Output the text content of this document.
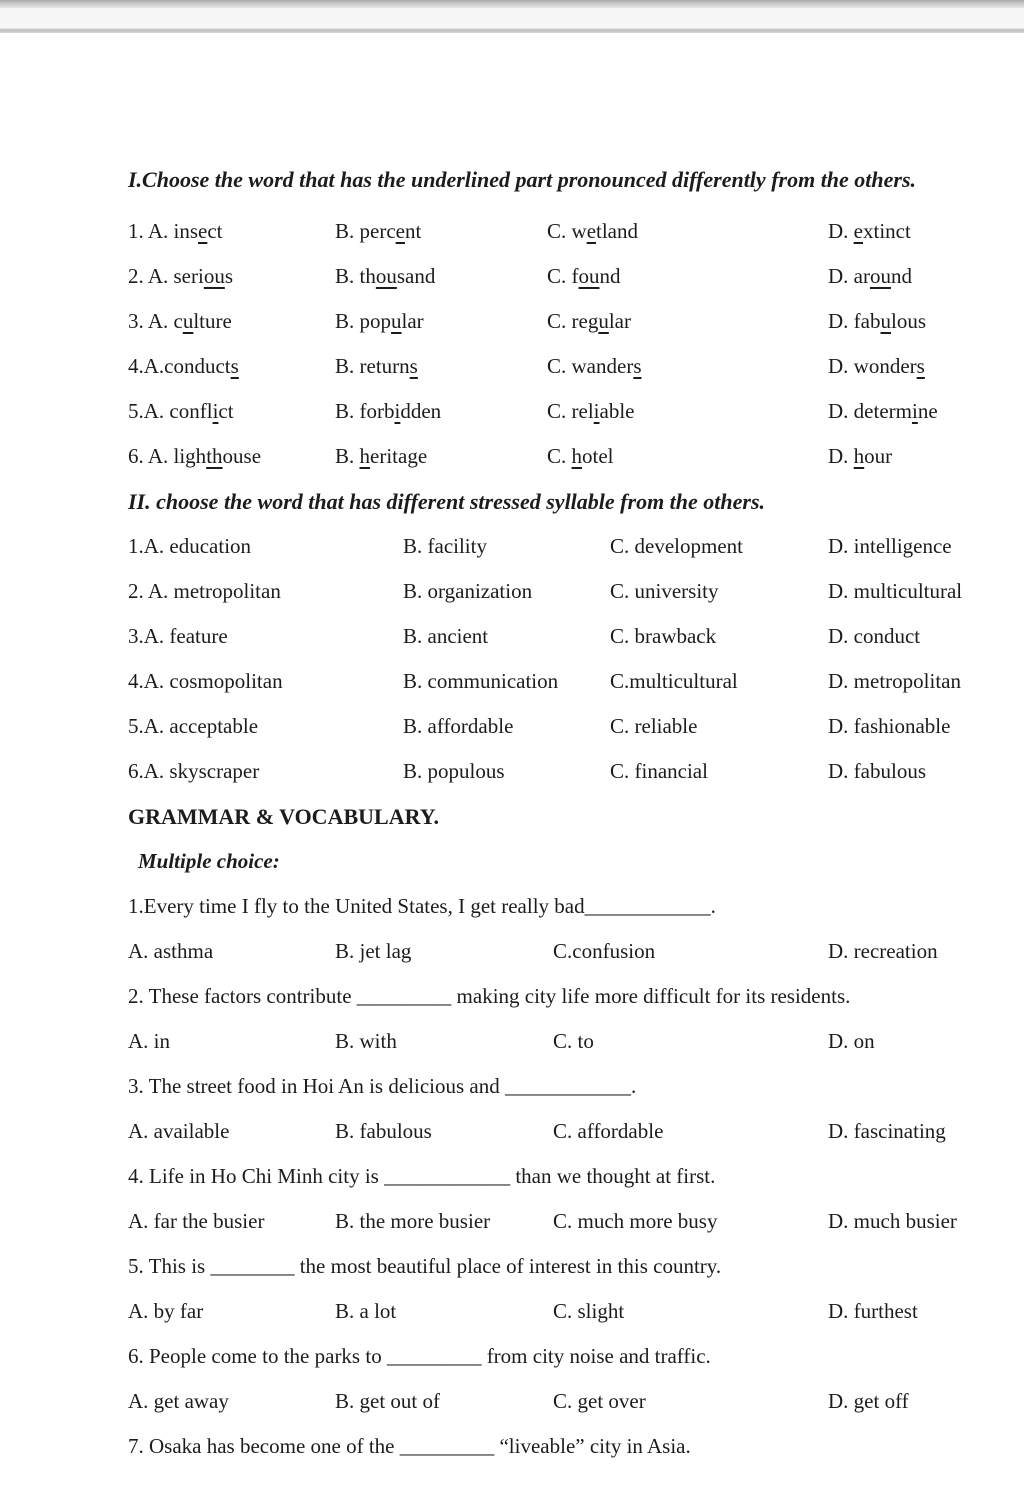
I.Choose the word that has the underlined part pronounced differently from the others.
1. A. insect	B. percent	C. wetland	D. extinct
2. A. serious	B. thousand	C. found	D. around
3. A. culture	B. popular	C. regular	D. fabulous
4.A.conducts	B. returns	C. wanders	D. wonders
5.A. conflict	B. forbidden	C. reliable	D. determine
6. A. lighthouse	B. heritage	C. hotel	D. hour
II. choose the word that has different stressed syllable from the others.
1.A. education	B. facility	C. development	D. intelligence
2. A. metropolitan	B. organization	C. university	D. multicultural
3.A. feature	B. ancient	C. brawback	D. conduct
4.A. cosmopolitan	B. communication	C.multicultural	D. metropolitan
5.A. acceptable	B. affordable	C. reliable	D. fashionable
6.A. skyscraper	B. populous	C. financial	D. fabulous
GRAMMAR & VOCABULARY.
Multiple choice:
1.Every time I fly to the United States, I get really bad____________.
A. asthma	B. jet lag	C.confusion	D. recreation
2. These factors contribute _________ making city life more difficult for its residents.
A. in	B. with	C. to	D. on
3. The street food in Hoi An is delicious and ____________.
A. available	B. fabulous	C. affordable	D. fascinating
4. Life in Ho Chi Minh city is ____________ than we thought at first.
A. far the busier	B. the more busier	C. much more busy	D. much busier
5. This is ________ the most beautiful place of interest in this country.
A. by far	B. a lot	C. slight	D. furthest
6. People come to the parks to _________ from city noise and traffic.
A. get away	B. get out of	C. get over	D. get off
7. Osaka has become one of the _________ “liveable” city in Asia.
